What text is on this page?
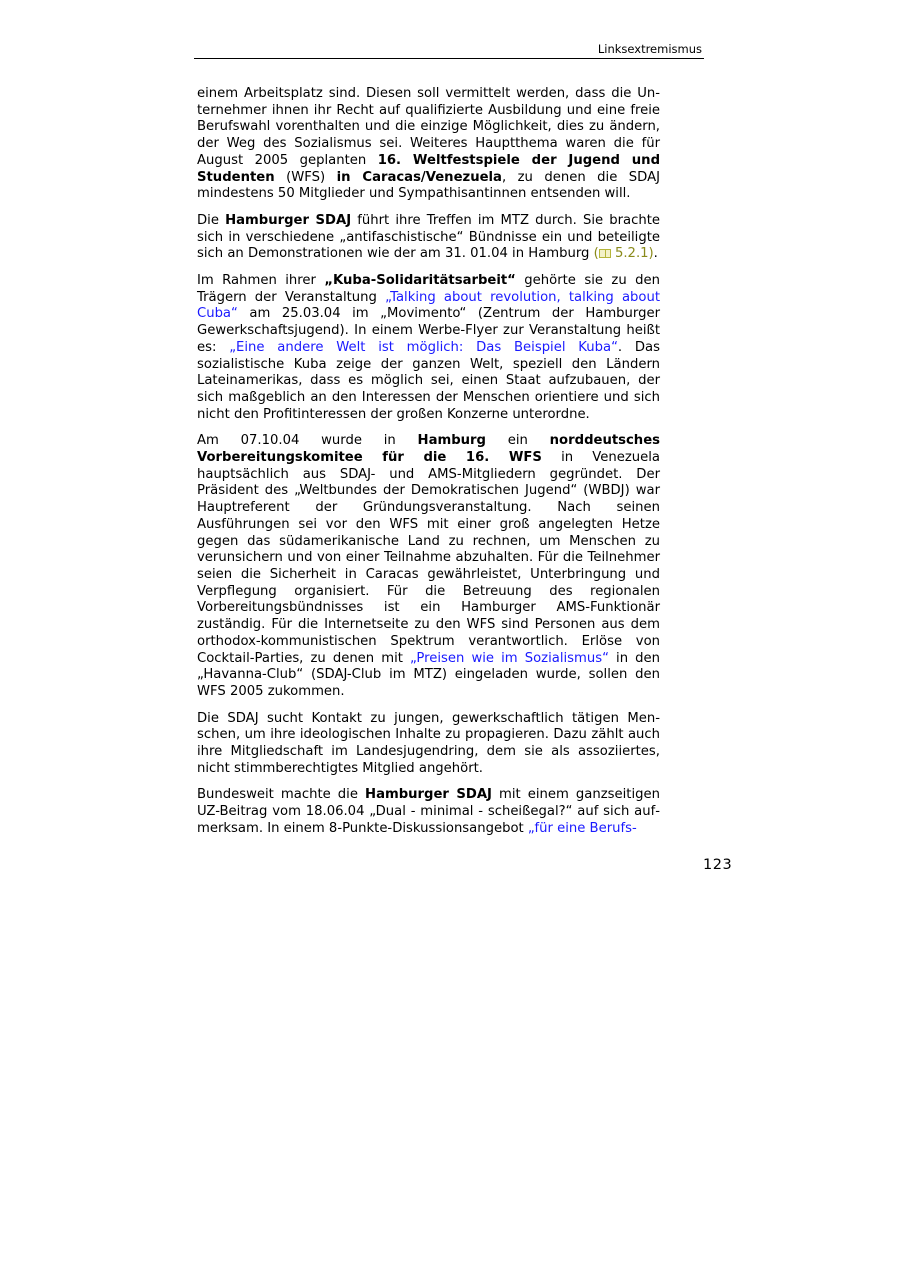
Linksextremismus

einem Arbeitsplatz sind. Diesen soll vermittelt werden, dass die Unternehmer ihnen ihr Recht auf qualifizierte Ausbildung und eine freie Berufswahl vorenthalten und die einzige Möglichkeit, dies zu ändern, der Weg des Sozialismus sei. Weiteres Hauptthema waren die für August 2005 geplanten 16. Weltfestspiele der Jugend und Studenten (WFS) in Caracas/Venezuela, zu denen die SDAJ mindestens 50 Mitglieder und Sympathisantinnen entsenden will.

Die Hamburger SDAJ führt ihre Treffen im MTZ durch. Sie brachte sich in verschiedene „antifaschistische“ Bündnisse ein und beteiligte sich an Demonstrationen wie der am 31. 01.04 in Hamburg ( 5.2.1).

Im Rahmen ihrer „Kuba-Solidaritätsarbeit“ gehörte sie zu den Trägern der Veranstaltung „Talking about revolution, talking about Cuba“ am 25.03.04 im „Movimento“ (Zentrum der Hamburger Gewerkschaftsjugend). In einem Werbe-Flyer zur Veranstaltung heißt es: „Eine andere Welt ist möglich: Das Beispiel Kuba“. Das sozialistische Kuba zeige der ganzen Welt, speziell den Ländern Lateinamerikas, dass es möglich sei, einen Staat aufzubauen, der sich maßgeblich an den Interessen der Menschen orientiere und sich nicht den Profitinteressen der großen Konzerne unterordne.

Am 07.10.04 wurde in Hamburg ein norddeutsches Vorbereitungskomitee für die 16. WFS in Venezuela hauptsächlich aus SDAJ- und AMS-Mitgliedern gegründet. Der Präsident des „Weltbundes der Demokratischen Jugend“ (WBDJ) war Hauptreferent der Gründungsveranstaltung. Nach seinen Ausführungen sei vor den WFS mit einer groß angelegten Hetze gegen das südamerikanische Land zu rechnen, um Menschen zu verunsichern und von einer Teilnahme abzuhalten. Für die Teilnehmer seien die Sicherheit in Caracas gewährleistet, Unterbringung und Verpflegung organisiert. Für die Betreuung des regionalen Vorbereitungsbündnisses ist ein Hamburger AMS-Funktionär zuständig. Für die Internetseite zu den WFS sind Personen aus dem orthodox-kommunistischen Spektrum verantwortlich. Erlöse von Cocktail-Parties, zu denen mit „Preisen wie im Sozialismus“ in den „Havanna-Club“ (SDAJ-Club im MTZ) eingeladen wurde, sollen den WFS 2005 zukommen.

Die SDAJ sucht Kontakt zu jungen, gewerkschaftlich tätigen Menschen, um ihre ideologischen Inhalte zu propagieren. Dazu zählt auch ihre Mitgliedschaft im Landesjugendring, dem sie als assoziiertes, nicht stimmberechtigtes Mitglied angehört.

Bundesweit machte die Hamburger SDAJ mit einem ganzseitigen UZ-Beitrag vom 18.06.04 „Dual - minimal - scheißegal?“ auf sich aufmerksam. In einem 8-Punkte-Diskussionsangebot „für eine Berufs-

123
